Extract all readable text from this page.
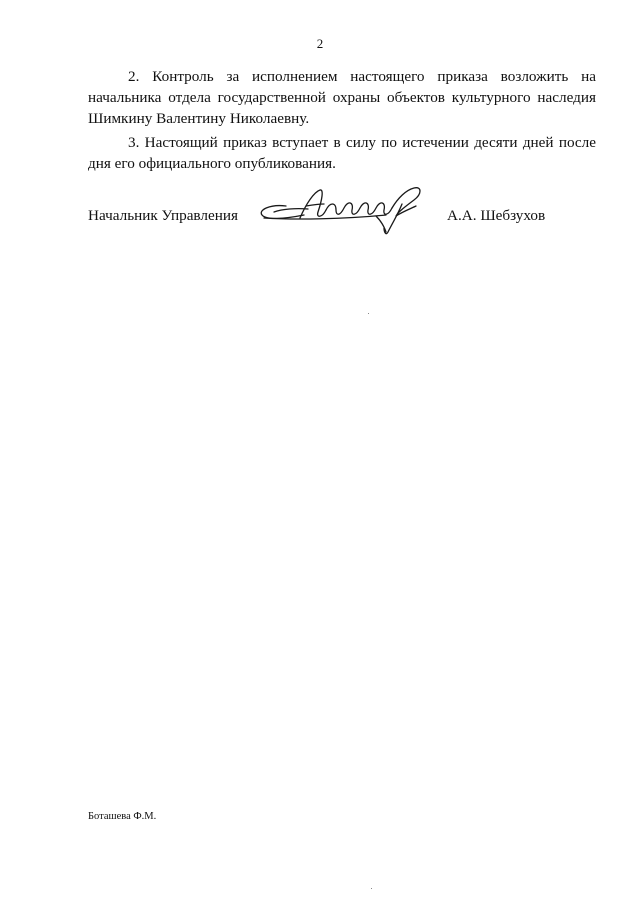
2

2. Контроль за исполнением настоящего приказа возложить на начальника отдела государственной охраны объектов культурного наследия Шимкину Валентину Николаевну.

3. Настоящий приказ вступает в силу по истечении десяти дней после дня его официального опубликования.

Начальник Управления	А.А. Шебзухов
Боташева Ф.М.
